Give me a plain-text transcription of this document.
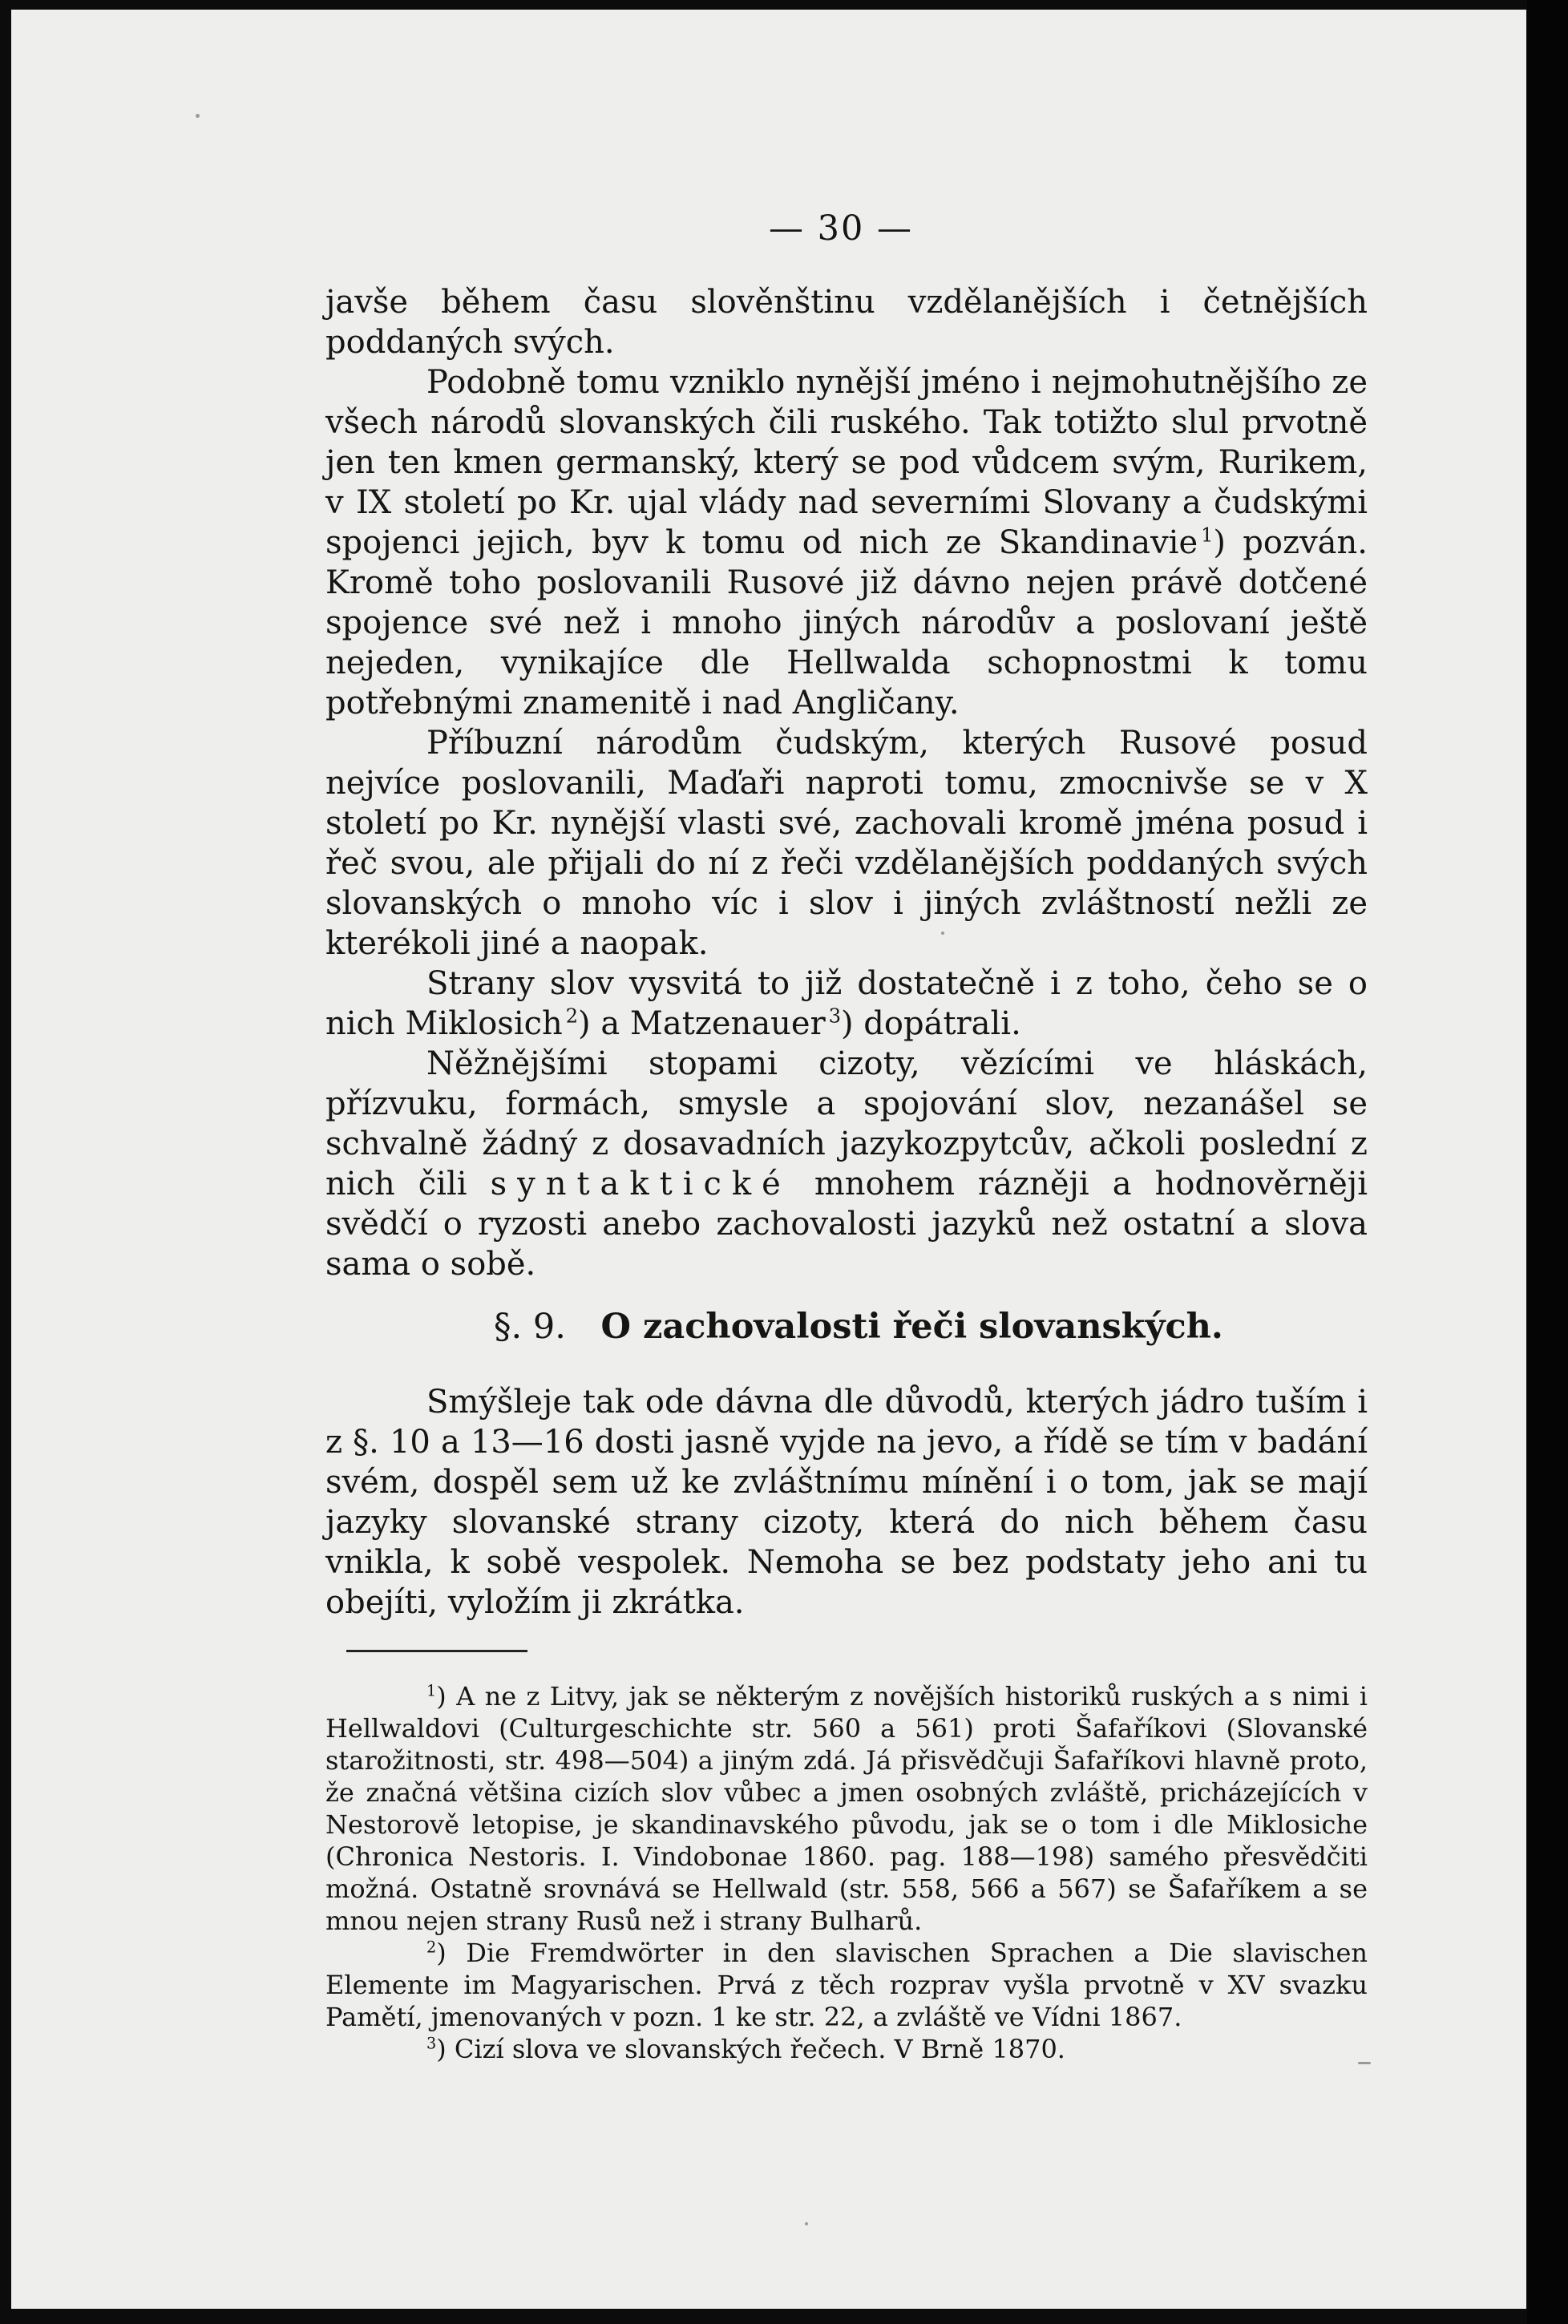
— 30 —

javše během času slověnštinu vzdělanějších i četnějších poddaných svých.

Podobně tomu vzniklo nynější jméno i nejmohutnějšího ze všech národů slovanských čili ruského. Tak totižto slul prvotně jen ten kmen germanský, který se pod vůdcem svým, Rurikem, v IX století po Kr. ujal vlády nad severními Slovany a čudskými spojenci jejich, byv k tomu od nich ze Skandinavie  $^1$) pozván. Kromě toho poslovanili Rusové již dávno nejen právě dotčené spojence své než i mnoho jiných národův a poslovaní ještě nejeden, vynikajíce dle Hellwalda schopnostmi k tomu potřebnými znamenitě i nad Angličany.

Příbuzní národům čudským, kterých Rusové posud nejvíce poslovanili, Maďaři naproti tomu, zmocnivše se v X století po Kr. nynější vlasti své, zachovali kromě jména posud i řeč svou, ale přijali do ní z řeči vzdělanějších poddaných svých slovanských o mnoho víc i slov i jiných zvláštností nežli ze kterékoli jiné a naopak.

Strany slov vysvitá to již dostatečně i z toho, čeho se o nich Miklosich  $^2$) a Matzenauer  $^3$) dopátrali.

Něžnějšími stopami cizoty, vězícími ve hláskách, přízvuku, formách, smysle a spojování slov, nezanášel se schvalně žádný z dosavadních jazykozpytcův, ačkoli poslední z nich čili syntaktické mnohem rázněji a hodnověrněji svědčí o ryzosti anebo zachovalosti jazyků než ostatní a slova sama o sobě.

§. 9. O zachovalosti řeči slovanských.

Smýšleje tak ode dávna dle důvodů, kterých jádro tuším i z §. 10 a 13—16 dosti jasně vyjde na jevo, a řídě se tím v badání svém, dospěl sem už ke zvláštnímu mínění i o tom, jak se mají jazyky slovanské strany cizoty, která do nich během času vnikla, k sobě vespolek. Nemoha se bez podstaty jeho ani tu obejíti, vyložím ji zkrátka.

$^1$) A ne z Litvy, jak se některým z novějších historiků ruských a s nimi i Hellwaldovi (Culturgeschichte str. 560 a 561) proti Šafaříkovi (Slovanské starožitnosti, str. 498—504) a jiným zdá. Já přisvědčuji Šafaříkovi hlavně proto, že značná většina cizích slov vůbec a jmen osobných zvláště, pricházejících v Nestorově letopise, je skandinavského původu, jak se o tom i dle Miklosiche (Chronica Nestoris. I. Vindobonae 1860. pag. 188—198) samého přesvědčiti možná. Ostatně srovnává se Hellwald (str. 558, 566 a 567) se Šafaříkem a se mnou nejen strany Rusů než i strany Bulharů.

$^2$) Die Fremdwörter in den slavischen Sprachen a Die slavischen Elemente im Magyarischen. Prvá z těch rozprav vyšla prvotně v XV svazku Pamětí, jmenovaných v pozn. 1 ke str. 22, a zvláště ve Vídni 1867.

$^3$) Cizí slova ve slovanských řečech. V Brně 1870.
